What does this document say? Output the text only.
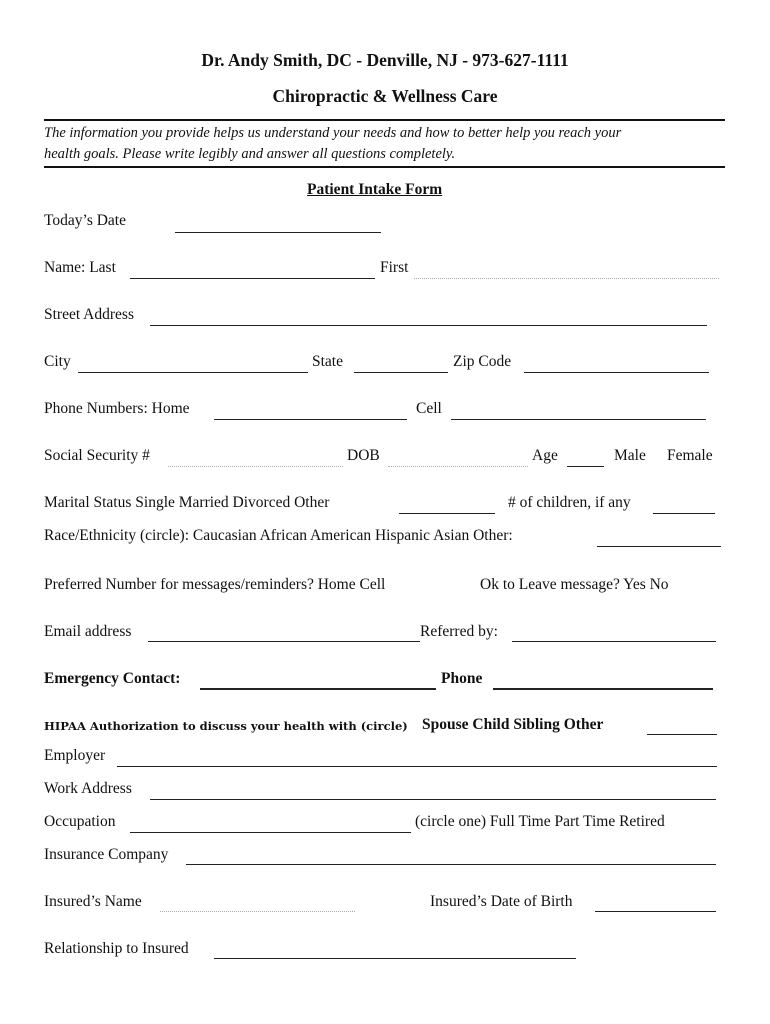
Dr. Andy Smith, DC - Denville, NJ - 973-627-1111
Chiropractic & Wellness Care
The information you provide helps us understand your needs and how to better help you reach your
health goals. Please write legibly and answer all questions completely.
Patient Intake Form
Today’s Date
Name: Last	First
Street Address
City	State	Zip Code
Phone Numbers: Home	Cell
Social Security #	DOB	Age	Male Female
Marital Status Single Married Divorced Other	# of children, if any
Race/Ethnicity (circle): Caucasian African American Hispanic Asian Other:
Preferred Number for messages/reminders? Home Cell	Ok to Leave message? Yes No
Email address	Referred by:
Emergency Contact:	Phone
HIPAA Authorization to discuss your health with (circle) Spouse Child Sibling Other
Employer
Work Address
Occupation	(circle one) Full Time Part Time Retired
Insurance Company
Insured’s Name	Insured’s Date of Birth
Relationship to Insured
